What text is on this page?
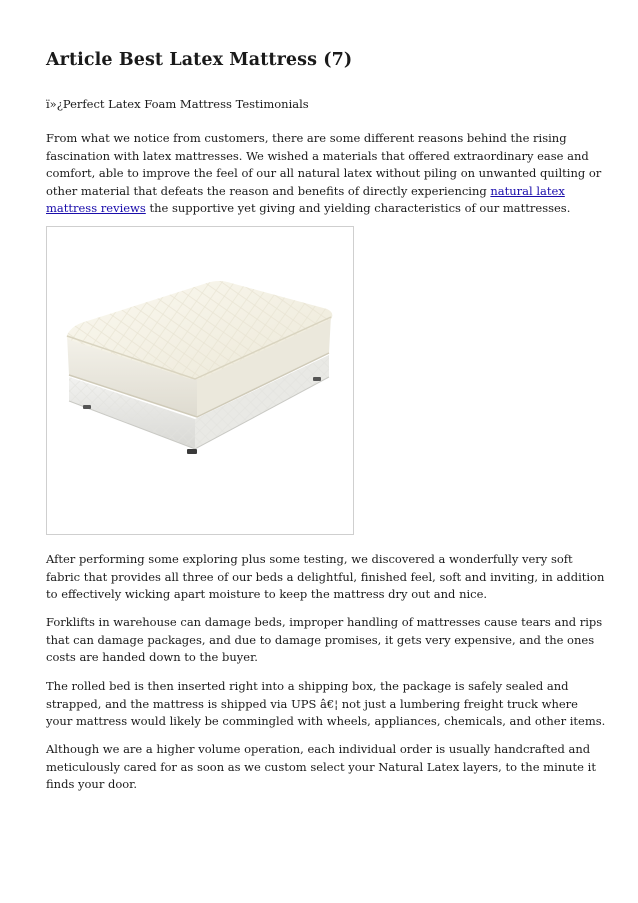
Article Best Latex Mattress (7)

ï»¿Perfect Latex Foam Mattress Testimonials

From what we notice from customers, there are some different reasons behind the rising fascination with latex mattresses. We wished a materials that offered extraordinary ease and comfort, able to improve the feel of our all natural latex without piling on unwanted quilting or other material that defeats the reason and benefits of directly experiencing natural latex mattress reviews the supportive yet giving and yielding characteristics of our mattresses.

After performing some exploring plus some testing, we discovered a wonderfully very soft fabric that provides all three of our beds a delightful, finished feel, soft and inviting, in addition to effectively wicking apart moisture to keep the mattress dry out and nice.

Forklifts in warehouse can damage beds, improper handling of mattresses cause tears and rips that can damage packages, and due to damage promises, it gets very expensive, and the ones costs are handed down to the buyer.

The rolled bed is then inserted right into a shipping box, the package is safely sealed and strapped, and the mattress is shipped via UPS â€¦ not just a lumbering freight truck where your mattress would likely be commingled with wheels, appliances, chemicals, and other items.

Although we are a higher volume operation, each individual order is usually handcrafted and meticulously cared for as soon as we custom select your Natural Latex layers, to the minute it finds your door.
